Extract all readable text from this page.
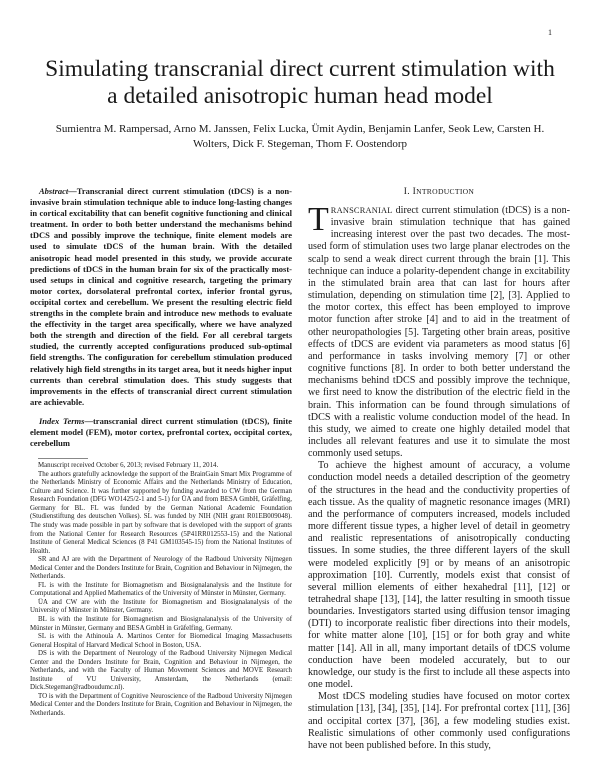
1
Simulating transcranial direct current stimulation with a detailed anisotropic human head model
Sumientra M. Rampersad, Arno M. Janssen, Felix Lucka, Ümit Aydin, Benjamin Lanfer, Seok Lew, Carsten H. Wolters, Dick F. Stegeman, Thom F. Oostendorp

Abstract—Transcranial direct current stimulation (tDCS) is a non-invasive brain stimulation technique able to induce long-lasting changes in cortical excitability that can benefit cognitive functioning and clinical treatment. In order to both better understand the mechanisms behind tDCS and possibly improve the technique, finite element models are used to simulate tDCS of the human brain. With the detailed anisotropic head model presented in this study, we provide accurate predictions of tDCS in the human brain for six of the practically most-used setups in clinical and cognitive research, targeting the primary motor cortex, dorsolateral prefrontal cortex, inferior frontal gyrus, occipital cortex and cerebellum. We present the resulting electric field strengths in the complete brain and introduce new methods to evaluate the effectivity in the target area specifically, where we have analyzed both the strength and direction of the field. For all cerebral targets studied, the currently accepted configurations produced sub-optimal field strengths. The configuration for cerebellum stimulation produced relatively high field strengths in its target area, but it needs higher input currents than cerebral stimulation does. This study suggests that improvements in the effects of transcranial direct current stimulation are achievable.

Index Terms—transcranial direct current stimulation (tDCS), finite element model (FEM), motor cortex, prefrontal cortex, occipital cortex, cerebellum

Manuscript received October 6, 2013; revised February 11, 2014.

The authors gratefully acknowledge the support of the BrainGain Smart Mix Programme of the Netherlands Ministry of Economic Affairs and the Netherlands Ministry of Education, Culture and Science. It was further supported by funding awarded to CW from the German Research Foundation (DFG WO1425/2-1 and 5-1) for ÜA and from BESA GmbH, Gräfelfing, Germany for BL. FL was funded by the German National Academic Foundation (Studienstiftung des deutschen Volkes). SL was funded by NIH (NIH grant R01EB009048). The study was made possible in part by software that is developed with the support of grants from the National Center for Research Resources (5P41RR012553-15) and the National Institute of General Medical Sciences (8 P41 GM103545-15) from the National Institutes of Health.

SR and AJ are with the Department of Neurology of the Radboud University Nijmegen Medical Center and the Donders Institute for Brain, Cognition and Behaviour in Nijmegen, the Netherlands.

FL is with the Institute for Biomagnetism and Biosignalanalysis and the Institute for Computational and Applied Mathematics of the University of Münster in Münster, Germany.

ÜA and CW are with the Institute for Biomagnetism and Biosignalanalysis of the University of Münster in Münster, Germany.

BL is with the Institute for Biomagnetism and Biosignalanalysis of the University of Münster in Münster, Germany and BESA GmbH in Gräfelfing, Germany.

SL is with the Athinoula A. Martinos Center for Biomedical Imaging Massachusetts General Hospital of Harvard Medical School in Boston, USA.

DS is with the Department of Neurology of the Radboud University Nijmegen Medical Center and the Donders Institute for Brain, Cognition and Behaviour in Nijmegen, the Netherlands, and with the Faculty of Human Movement Sciences and MOVE Research Institute of VU University, Amsterdam, the Netherlands (email: Dick.Stegeman@radboudumc.nl).

TO is with the Department of Cognitive Neuroscience of the Radboud University Nijmegen Medical Center and the Donders Institute for Brain, Cognition and Behaviour in Nijmegen, the Netherlands.

I. INTRODUCTION

TRANSCRANIAL direct current stimulation (tDCS) is a non-invasive brain stimulation technique that has gained increasing interest over the past two decades. The most-used form of stimulation uses two large planar electrodes on the scalp to send a weak direct current through the brain [1]. This technique can induce a polarity-dependent change in excitability in the stimulated brain area that can last for hours after stimulation, depending on stimulation time [2], [3]. Applied to the motor cortex, this effect has been employed to improve motor function after stroke [4] and to aid in the treatment of other neuropathologies [5]. Targeting other brain areas, positive effects of tDCS are evident via parameters as mood status [6] and performance in tasks involving memory [7] or other cognitive functions [8]. In order to both better understand the mechanisms behind tDCS and possibly improve the technique, we first need to know the distribution of the electric field in the brain. This information can be found through simulations of tDCS with a realistic volume conduction model of the head. In this study, we aimed to create one highly detailed model that includes all relevant features and use it to simulate the most commonly used setups.

To achieve the highest amount of accuracy, a volume conduction model needs a detailed description of the geometry of the structures in the head and the conductivity properties of each tissue. As the quality of magnetic resonance images (MRI) and the performance of computers increased, models included more different tissue types, a higher level of detail in geometry and realistic representations of anisotropically conducting tissues. In some studies, the three different layers of the skull were modeled explicitly [9] or by means of an anisotropic approximation [10]. Currently, models exist that consist of several million elements of either hexahedral [11], [12] or tetrahedral shape [13], [14], the latter resulting in smooth tissue boundaries. Investigators started using diffusion tensor imaging (DTI) to incorporate realistic fiber directions into their models, for white matter alone [10], [15] or for both gray and white matter [14]. All in all, many important details of tDCS volume conduction have been modeled accurately, but to our knowledge, our study is the first to include all these aspects into one model.

Most tDCS modeling studies have focused on motor cortex stimulation [13], [34], [35], [14]. For prefrontal cortex [11], [36] and occipital cortex [37], [36], a few modeling studies exist. Realistic simulations of other commonly used configurations have not been published before. In this study,
